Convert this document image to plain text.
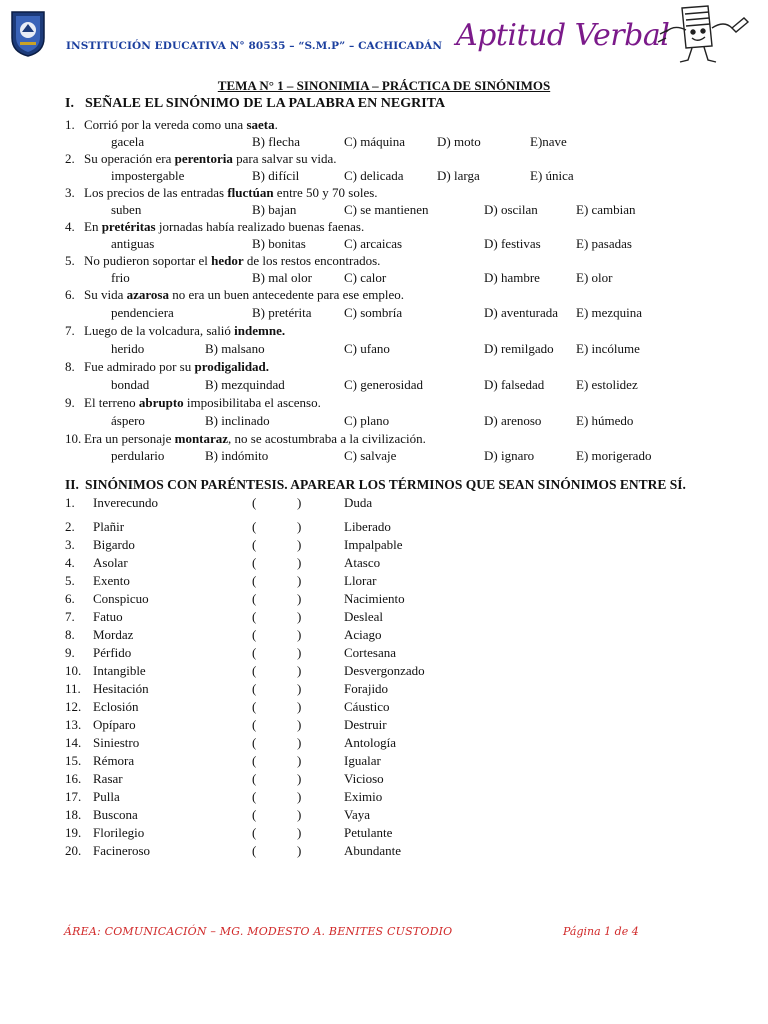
INSTITUCIÓN EDUCATIVA N° 80535 – “S.M.P” – CACHICADÁN Aptitud Verbal
TEMA N° 1 – SINONIMIA – PRÁCTICA DE SINÓNIMOS
I. SEÑALE EL SINÓNIMO DE LA PALABRA EN NEGRITA
1. Corrió por la vereda como una saeta.
gacela	B) flecha	C) máquina D) moto	E)nave
2. Su operación era perentoria para salvar su vida.
impostergable	B) difícil	C) delicada	D) larga	E) única
3. Los precios de las entradas fluctúan entre 50 y 70 soles.
suben	B) bajan	C) se mantienen	D) oscilan	E) cambian
4. En pretéritas jornadas había realizado buenas faenas.
antiguas	B) bonitas	C) arcaicas	D) festivas	E) pasadas
5. No pudieron soportar el hedor de los restos encontrados.
frio	B) mal olor C) calor	D) hambre	E) olor
6. Su vida azarosa no era un buen antecedente para ese empleo.
pendenciera	B) pretérita C) sombría	D) aventurada E) mezquina
7. Luego de la volcadura, salió indemne.
herido	B) malsano	C) ufano	D) remilgado E) incólume
8. Fue admirado por su prodigalidad.
bondad	B) mezquindad	C) generosidad	D) falsedad E) estolidez
9. El terreno abrupto imposibilitaba el ascenso.
áspero	B) inclinado	C) plano	D) arenoso	E) húmedo
10. Era un personaje montaraz, no se acostumbraba a la civilización.
perdulario	B) indómito	C) salvaje	D) ignaro	E) morigerado
II. SINÓNIMOS CON PARÉNTESIS. APAREAR LOS TÉRMINOS QUE SEAN SINÓNIMOS ENTRE SÍ.
1. Inverecundo	(	)	Duda
2. Plañir	(	)	Liberado
3. Bigardo	(	)	Impalpable
4. Asolar	(	)	Atasco
5. Exento	(	)	Llorar
6. Conspicuo	(	)	Nacimiento
7. Fatuo	(	)	Desleal
8. Mordaz	(	)	Aciago
9. Pérfido	(	)	Cortesana
10. Intangible	(	)	Desvergonzado
11. Hesitación	(	)	Forajido
12. Eclosión	(	)	Cáustico
13. Opíparo	(	)	Destruir
14. Siniestro	(	)	Antología
15. Rémora	(	)	Igualar
16. Rasar	(	)	Vicioso
17. Pulla	(	)	Eximio
18. Buscona	(	)	Vaya
19. Florilegio	(	)	Petulante
20. Facineroso	(	)	Abundante
ÁREA: COMUNICACIÓN – MG. MODESTO A. BENITES CUSTODIO	Página 1 de 4
